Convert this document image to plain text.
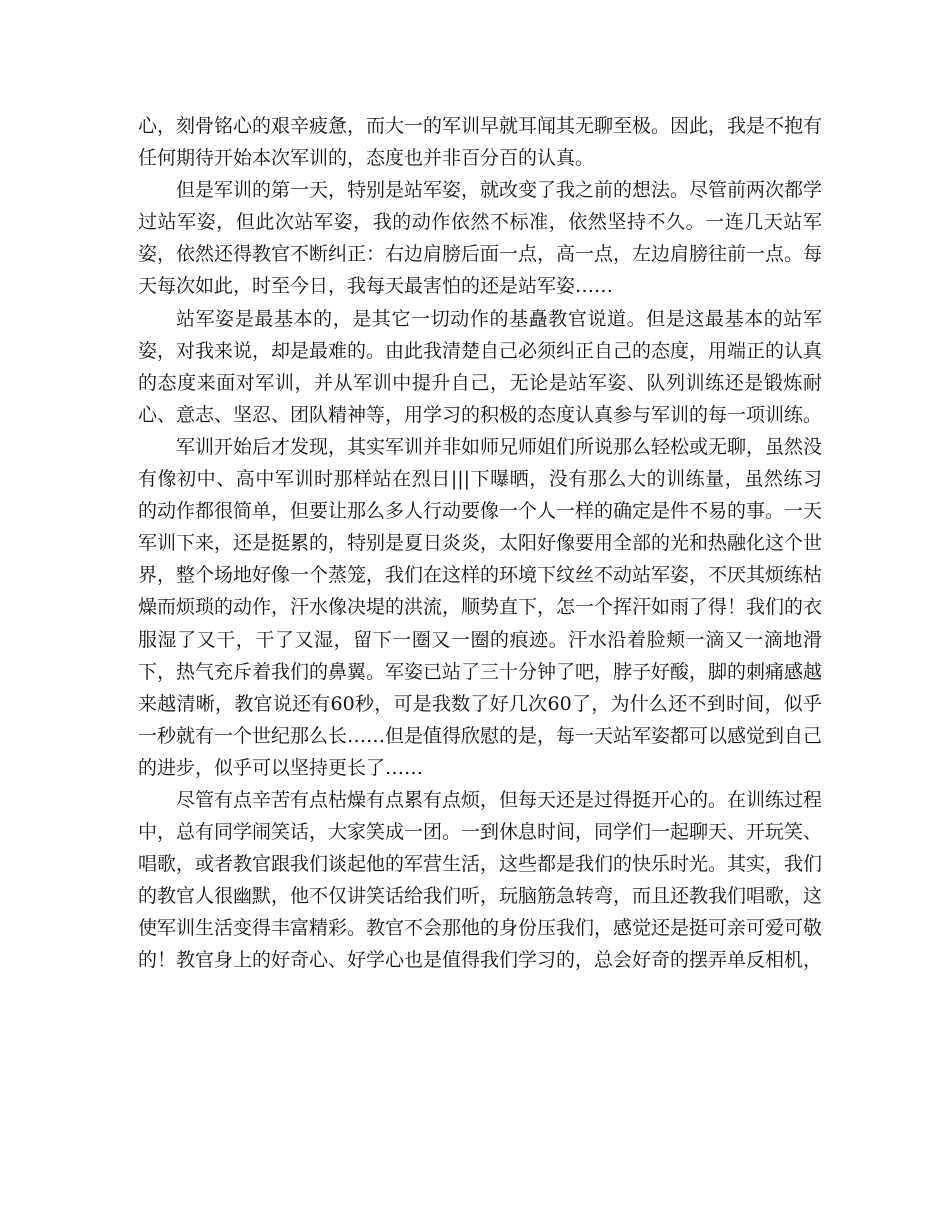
心，刻骨铭心的艰辛疲惫，而大一的军训早就耳闻其无聊至极。因此，我是不抱有任何期待开始本次军训的，态度也并非百分百的认真。

但是军训的第一天，特别是站军姿，就改变了我之前的想法。尽管前两次都学过站军姿，但此次站军姿，我的动作依然不标准，依然坚持不久。一连几天站军姿，依然还得教官不断纠正：右边肩膀后面一点，高一点，左边肩膀往前一点。每天每次如此，时至今日，我每天最害怕的还是站军姿……

站军姿是最基本的，是其它一切动作的基矗教官说道。但是这最基本的站军姿，对我来说，却是最难的。由此我清楚自己必须纠正自己的态度，用端正的认真的态度来面对军训，并从军训中提升自己，无论是站军姿、队列训练还是锻炼耐心、意志、坚忍、团队精神等，用学习的积极的态度认真参与军训的每一项训练。

军训开始后才发现，其实军训并非如师兄师姐们所说那么轻松或无聊，虽然没有像初中、高中军训时那样站在烈日|||下曝晒，没有那么大的训练量，虽然练习的动作都很简单，但要让那么多人行动要像一个人一样的确定是件不易的事。一天军训下来，还是挺累的，特别是夏日炎炎，太阳好像要用全部的光和热融化这个世界，整个场地好像一个蒸笼，我们在这样的环境下纹丝不动站军姿，不厌其烦练枯燥而烦琐的动作，汗水像决堤的洪流，顺势直下，怎一个挥汗如雨了得！我们的衣服湿了又干，干了又湿，留下一圈又一圈的痕迹。汗水沿着脸颊一滴又一滴地滑下，热气充斥着我们的鼻翼。军姿已站了三十分钟了吧，脖子好酸，脚的刺痛感越来越清晰，教官说还有60秒，可是我数了好几次60了，为什么还不到时间，似乎一秒就有一个世纪那么长……但是值得欣慰的是，每一天站军姿都可以感觉到自己的进步，似乎可以坚持更长了……

尽管有点辛苦有点枯燥有点累有点烦，但每天还是过得挺开心的。在训练过程中，总有同学闹笑话，大家笑成一团。一到休息时间，同学们一起聊天、开玩笑、唱歌，或者教官跟我们谈起他的军营生活，这些都是我们的快乐时光。其实，我们的教官人很幽默，他不仅讲笑话给我们听，玩脑筋急转弯，而且还教我们唱歌，这使军训生活变得丰富精彩。教官不会那他的身份压我们，感觉还是挺可亲可爱可敬的！教官身上的好奇心、好学心也是值得我们学习的，总会好奇的摆弄单反相机，
